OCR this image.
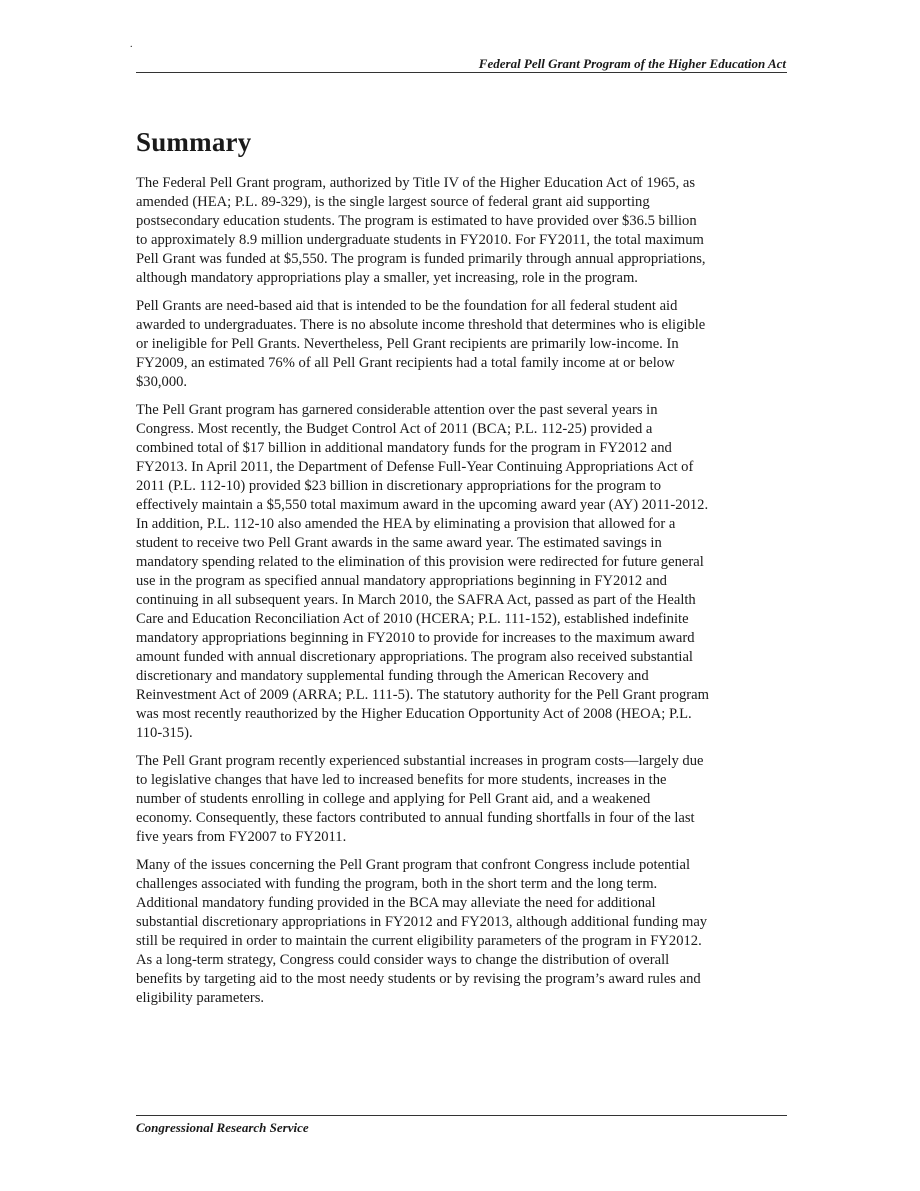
.
Federal Pell Grant Program of the Higher Education Act
Summary

The Federal Pell Grant program, authorized by Title IV of the Higher Education Act of 1965, as
amended (HEA; P.L. 89-329), is the single largest source of federal grant aid supporting
postsecondary education students. The program is estimated to have provided over $36.5 billion
to approximately 8.9 million undergraduate students in FY2010. For FY2011, the total maximum
Pell Grant was funded at $5,550. The program is funded primarily through annual appropriations,
although mandatory appropriations play a smaller, yet increasing, role in the program.

Pell Grants are need-based aid that is intended to be the foundation for all federal student aid
awarded to undergraduates. There is no absolute income threshold that determines who is eligible
or ineligible for Pell Grants. Nevertheless, Pell Grant recipients are primarily low-income. In
FY2009, an estimated 76% of all Pell Grant recipients had a total family income at or below
$30,000.

The Pell Grant program has garnered considerable attention over the past several years in
Congress. Most recently, the Budget Control Act of 2011 (BCA; P.L. 112-25) provided a
combined total of $17 billion in additional mandatory funds for the program in FY2012 and
FY2013. In April 2011, the Department of Defense Full-Year Continuing Appropriations Act of
2011 (P.L. 112-10) provided $23 billion in discretionary appropriations for the program to
effectively maintain a $5,550 total maximum award in the upcoming award year (AY) 2011-2012.
In addition, P.L. 112-10 also amended the HEA by eliminating a provision that allowed for a
student to receive two Pell Grant awards in the same award year. The estimated savings in
mandatory spending related to the elimination of this provision were redirected for future general
use in the program as specified annual mandatory appropriations beginning in FY2012 and
continuing in all subsequent years. In March 2010, the SAFRA Act, passed as part of the Health
Care and Education Reconciliation Act of 2010 (HCERA; P.L. 111-152), established indefinite
mandatory appropriations beginning in FY2010 to provide for increases to the maximum award
amount funded with annual discretionary appropriations. The program also received substantial
discretionary and mandatory supplemental funding through the American Recovery and
Reinvestment Act of 2009 (ARRA; P.L. 111-5). The statutory authority for the Pell Grant program
was most recently reauthorized by the Higher Education Opportunity Act of 2008 (HEOA; P.L.
110-315).

The Pell Grant program recently experienced substantial increases in program costs—largely due
to legislative changes that have led to increased benefits for more students, increases in the
number of students enrolling in college and applying for Pell Grant aid, and a weakened
economy. Consequently, these factors contributed to annual funding shortfalls in four of the last
five years from FY2007 to FY2011.

Many of the issues concerning the Pell Grant program that confront Congress include potential
challenges associated with funding the program, both in the short term and the long term.
Additional mandatory funding provided in the BCA may alleviate the need for additional
substantial discretionary appropriations in FY2012 and FY2013, although additional funding may
still be required in order to maintain the current eligibility parameters of the program in FY2012.
As a long-term strategy, Congress could consider ways to change the distribution of overall
benefits by targeting aid to the most needy students or by revising the program’s award rules and
eligibility parameters.

Congressional Research Service
